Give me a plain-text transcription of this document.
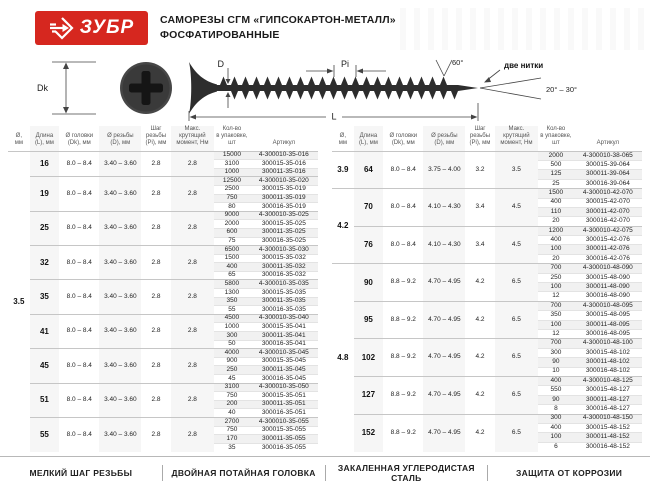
ЗУБР САМОРЕЗЫ СГМ «ГИПСОКАРТОН-МЕТАЛЛ»
ФОСФАТИРОВАННЫЕ
Dk
D	Pi	60°	две нитки
20° – 30°
L
Ø,
мм

Длина
(L), мм

Ø головки
(Dk), мм

Ø резьбы
(D), мм

Шаг резьбы
(Pi), мм

Макс. крутящий
момент, Нм

Кол-во
в упаковке, шт	Артикул

3.5	16	8.0 – 8.4	3.40 – 3.60	2.8	2.8	15000	4-300010-35-016
						3100	300015-35-016
						1000	300011-35-016
	19	8.0 – 8.4	3.40 – 3.60	2.8	2.8	12500	4-300010-35-020
						2500	300015-35-019
						750	300011-35-019
						80	300016-35-019
	25	8.0 – 8.4	3.40 – 3.60	2.8	2.8	9000	4-300010-35-025
						2000	300015-35-025
						600	300011-35-025
						75	300016-35-025
	32	8.0 – 8.4	3.40 – 3.60	2.8	2.8	6500	4-300010-35-030
						1500	300015-35-032
						400	300011-35-032
						65	300016-35-032
	35	8.0 – 8.4	3.40 – 3.60	2.8	2.8	5800	4-300010-35-035
						1300	300015-35-035
						350	300011-35-035
						55	300016-35-035
	41	8.0 – 8.4	3.40 – 3.60	2.8	2.8	4500	4-300010-35-040
						1000	300015-35-041
						300	300011-35-041
						50	300016-35-041
	45	8.0 – 8.4	3.40 – 3.60	2.8	2.8	4000	4-300010-35-045
						900	300015-35-045
						250	300011-35-045
						45	300016-35-045
	51	8.0 – 8.4	3.40 – 3.60	2.8	2.8	3100	4-300010-35-050
						750	300015-35-051
						200	300011-35-051
						40	300016-35-051
	55	8.0 – 8.4	3.40 – 3.60	2.8	2.8	2700	4-300010-35-055
						750	300015-35-055
						170	300011-35-055
						35	300016-35-055
Ø,
мм

Длина
(L), мм

Ø головки
(Dk), мм

Ø резьбы
(D), мм

Шаг резьбы
(Pi), мм

Макс. крутящий
момент, Нм

Кол-во
в упаковке, шт	Артикул

3.9	64	8.0 – 8.4	3.75 – 4.00	3.2	3.5	2000	4-300010-38-065
						500	300015-39-064
						125	300011-39-064
						25	300016-39-064
4.2	70	8.0 – 8.4	4.10 – 4.30	3.4	4.5	1500	4-300010-42-070
						400	300015-42-070
						110	300011-42-070
						20	300016-42-070
	76	8.0 – 8.4	4.10 – 4.30	3.4	4.5	1200	4-300010-42-075
						400	300015-42-076
						100	300011-42-076
						20	300016-42-076
4.8	90	8.8 – 9.2	4.70 – 4.95	4.2	6.5	700	4-300010-48-090
						250	300015-48-090
						100	300011-48-090
						12	300016-48-090
	95	8.8 – 9.2	4.70 – 4.95	4.2	6.5	700	4-300010-48-095
						350	300015-48-095
						100	300011-48-095
						12	300016-48-095
	102	8.8 – 9.2	4.70 – 4.95	4.2	6.5	700	4-300010-48-100
						300	300015-48-102
						90	300011-48-102
						10	300016-48-102
	127	8.8 – 9.2	4.70 – 4.95	4.2	6.5	400	4-300010-48-125
						550	300015-48-127
						90	300011-48-127
						8	300016-48-127
	152	8.8 – 9.2	4.70 – 4.95	4.2	6.5	300	4-300010-48-150
						400	300015-48-152
						100	300011-48-152
						6	300016-48-152
МЕЛКИЙ ШАГ РЕЗЬБЫ	ДВОЙНАЯ ПОТАЙНАЯ ГОЛОВКА	ЗАКАЛЕННАЯ УГЛЕРОДИСТАЯ СТАЛЬ	ЗАЩИТА ОТ КОРРОЗИИ
